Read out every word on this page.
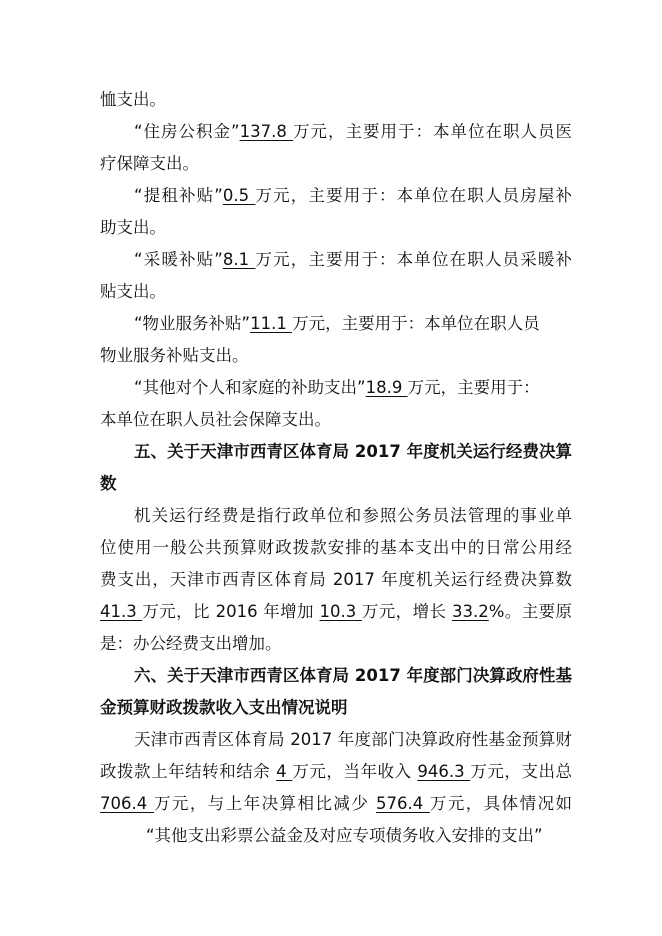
恤支出。
“住房公积金”137.8 万元，主要用于：本单位在职人员医
疗保障支出。
“提租补贴”0.5 万元，主要用于：本单位在职人员房屋补
助支出。
“采暖补贴”8.1 万元，主要用于：本单位在职人员采暖补
贴支出。
“物业服务补贴”11.1 万元，主要用于：本单位在职人员
物业服务补贴支出。
“其他对个人和家庭的补助支出”18.9 万元，主要用于：
本单位在职人员社会保障支出。
五、关于天津市西青区体育局 2017 年度机关运行经费决算
数
机关运行经费是指行政单位和参照公务员法管理的事业单
位使用一般公共预算财政拨款安排的基本支出中的日常公用经
费支出，天津市西青区体育局 2017 年度机关运行经费决算数
41.3 万元，比 2016 年增加 10.3 万元，增长 33.2%。主要原
是：办公经费支出增加。
六、关于天津市西青区体育局 2017 年度部门决算政府性基
金预算财政拨款收入支出情况说明
天津市西青区体育局 2017 年度部门决算政府性基金预算财
政拨款上年结转和结余 4 万元，当年收入 946.3 万元，支出总
706.4 万元，与上年决算相比减少 576.4 万元，具体情况如
“其他支出彩票公益金及对应专项债务收入安排的支出”
